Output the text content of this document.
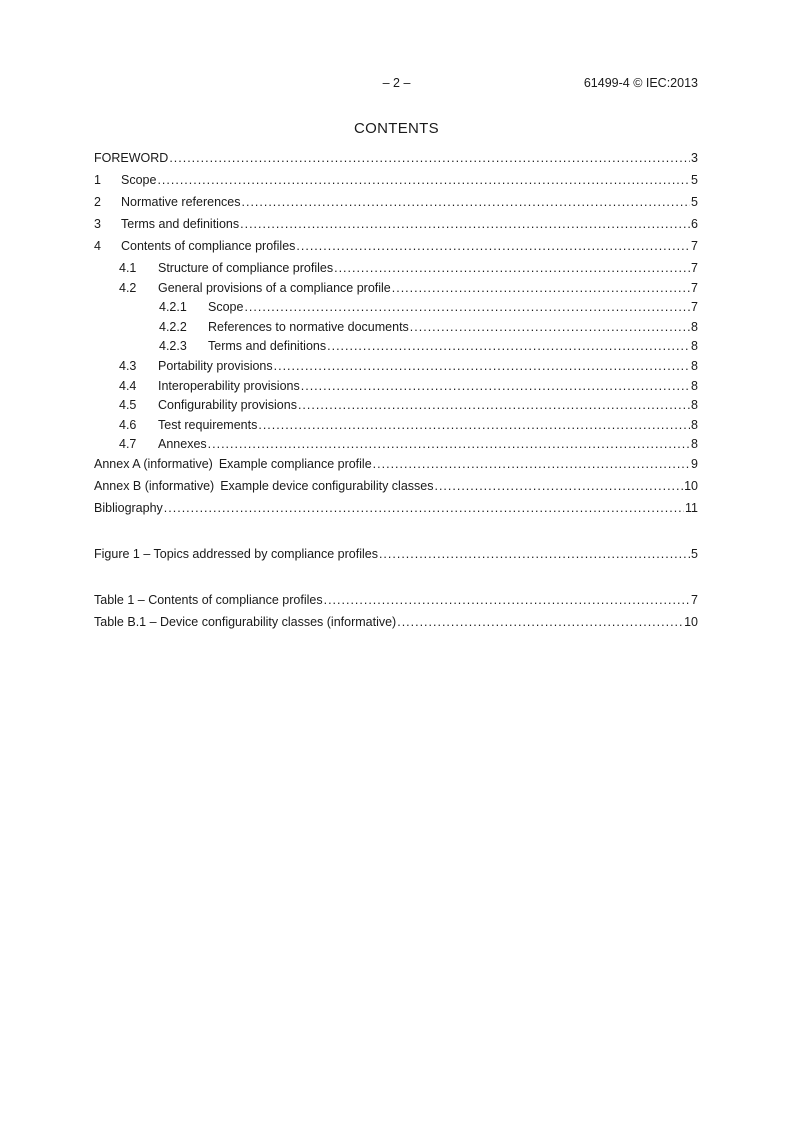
– 2 –	61499-4 © IEC:2013
CONTENTS
FOREWORD .....	3
1	Scope .....	5
2	Normative references .....	5
3	Terms and definitions .....	6
4	Contents of compliance profiles .....	7
4.1	Structure of compliance profiles .....	7
4.2	General provisions of a compliance profile .....	7
4.2.1	Scope .....	7
4.2.2	References to normative documents .....	8
4.2.3	Terms and definitions .....	8
4.3	Portability provisions .....	8
4.4	Interoperability provisions .....	8
4.5	Configurability provisions .....	8
4.6	Test requirements .....	8
4.7	Annexes .....	8
Annex A (informative) Example compliance profile .....	9
Annex B (informative) Example device configurability classes .....	10
Bibliography .....	11
Figure 1 – Topics addressed by compliance profiles .....	5
Table 1 – Contents of compliance profiles .....	7
Table B.1 – Device configurability classes (informative) .....	10
